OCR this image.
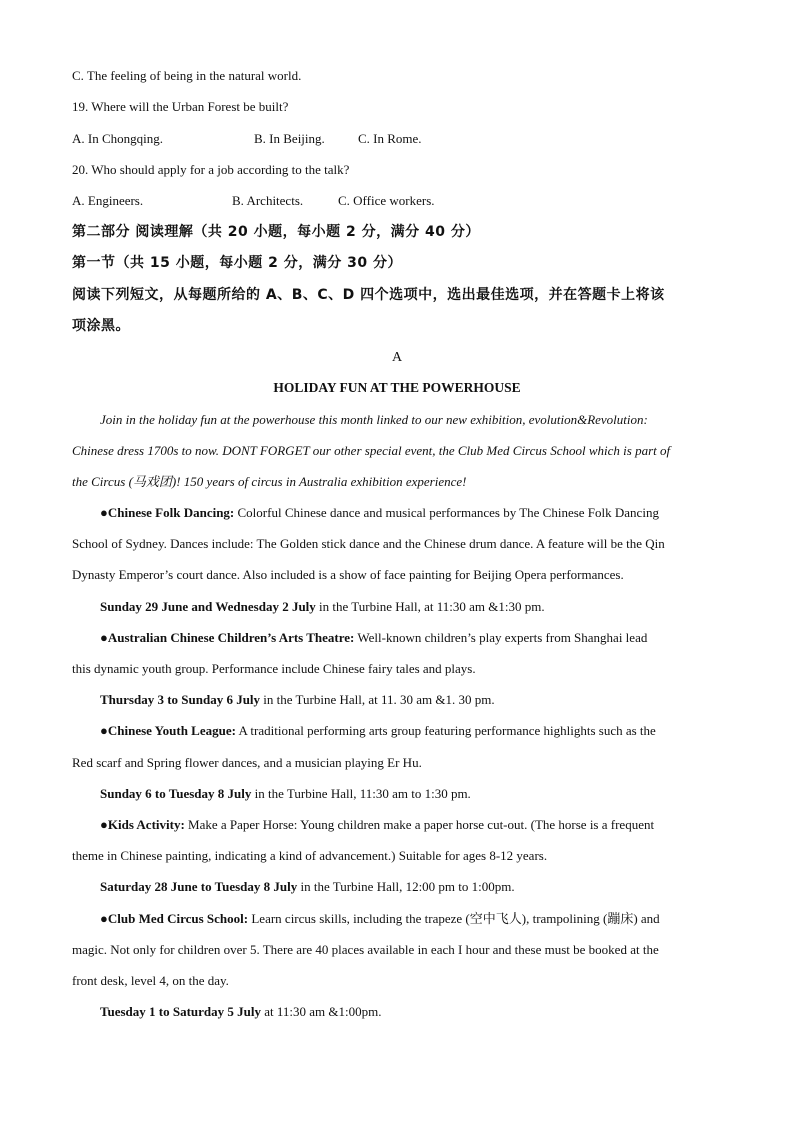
C. The feeling of being in the natural world.
19. Where will the Urban Forest be built?
A. In Chongqing.	B. In Beijing.	C. In Rome.
20. Who should apply for a job according to the talk?
A. Engineers.	B. Architects.	C. Office workers.
第二部分 阅读理解（共 20 小题，每小题 2 分，满分 40 分）
第一节（共 15 小题，每小题 2 分，满分 30 分）
阅读下列短文，从每题所给的 A、B、C、D 四个选项中，选出最佳选项，并在答题卡上将该
项涂黑。
A
HOLIDAY FUN AT THE POWERHOUSE
Join in the holiday fun at the powerhouse this month linked to our new exhibition, evolution&Revolution:
Chinese dress 1700s to now. DONT FORGET our other special event, the Club Med Circus School which is part of
the Circus (马戏团)! 150 years of circus in Australia exhibition experience!
●Chinese Folk Dancing: Colorful Chinese dance and musical performances by The Chinese Folk Dancing
School of Sydney. Dances include: The Golden stick dance and the Chinese drum dance. A feature will be the Qin
Dynasty Emperor’s court dance. Also included is a show of face painting for Beijing Opera performances.
Sunday 29 June and Wednesday 2 July in the Turbine Hall, at 11:30 am &1:30 pm.
●Australian Chinese Children’s Arts Theatre: Well-known children’s play experts from Shanghai lead
this dynamic youth group. Performance include Chinese fairy tales and plays.
Thursday 3 to Sunday 6 July in the Turbine Hall, at 11. 30 am &1. 30 pm.
●Chinese Youth League: A traditional performing arts group featuring performance highlights such as the
Red scarf and Spring flower dances, and a musician playing Er Hu.
Sunday 6 to Tuesday 8 July in the Turbine Hall, 11:30 am to 1:30 pm.
●Kids Activity: Make a Paper Horse: Young children make a paper horse cut-out. (The horse is a frequent
theme in Chinese painting, indicating a kind of advancement.) Suitable for ages 8-12 years.
Saturday 28 June to Tuesday 8 July in the Turbine Hall, 12:00 pm to 1:00pm.
●Club Med Circus School: Learn circus skills, including the trapeze (空中飞人), trampolining (蹦床) and
magic. Not only for children over 5. There are 40 places available in each I hour and these must be booked at the
front desk, level 4, on the day.
Tuesday 1 to Saturday 5 July at 11:30 am &1:00pm.
